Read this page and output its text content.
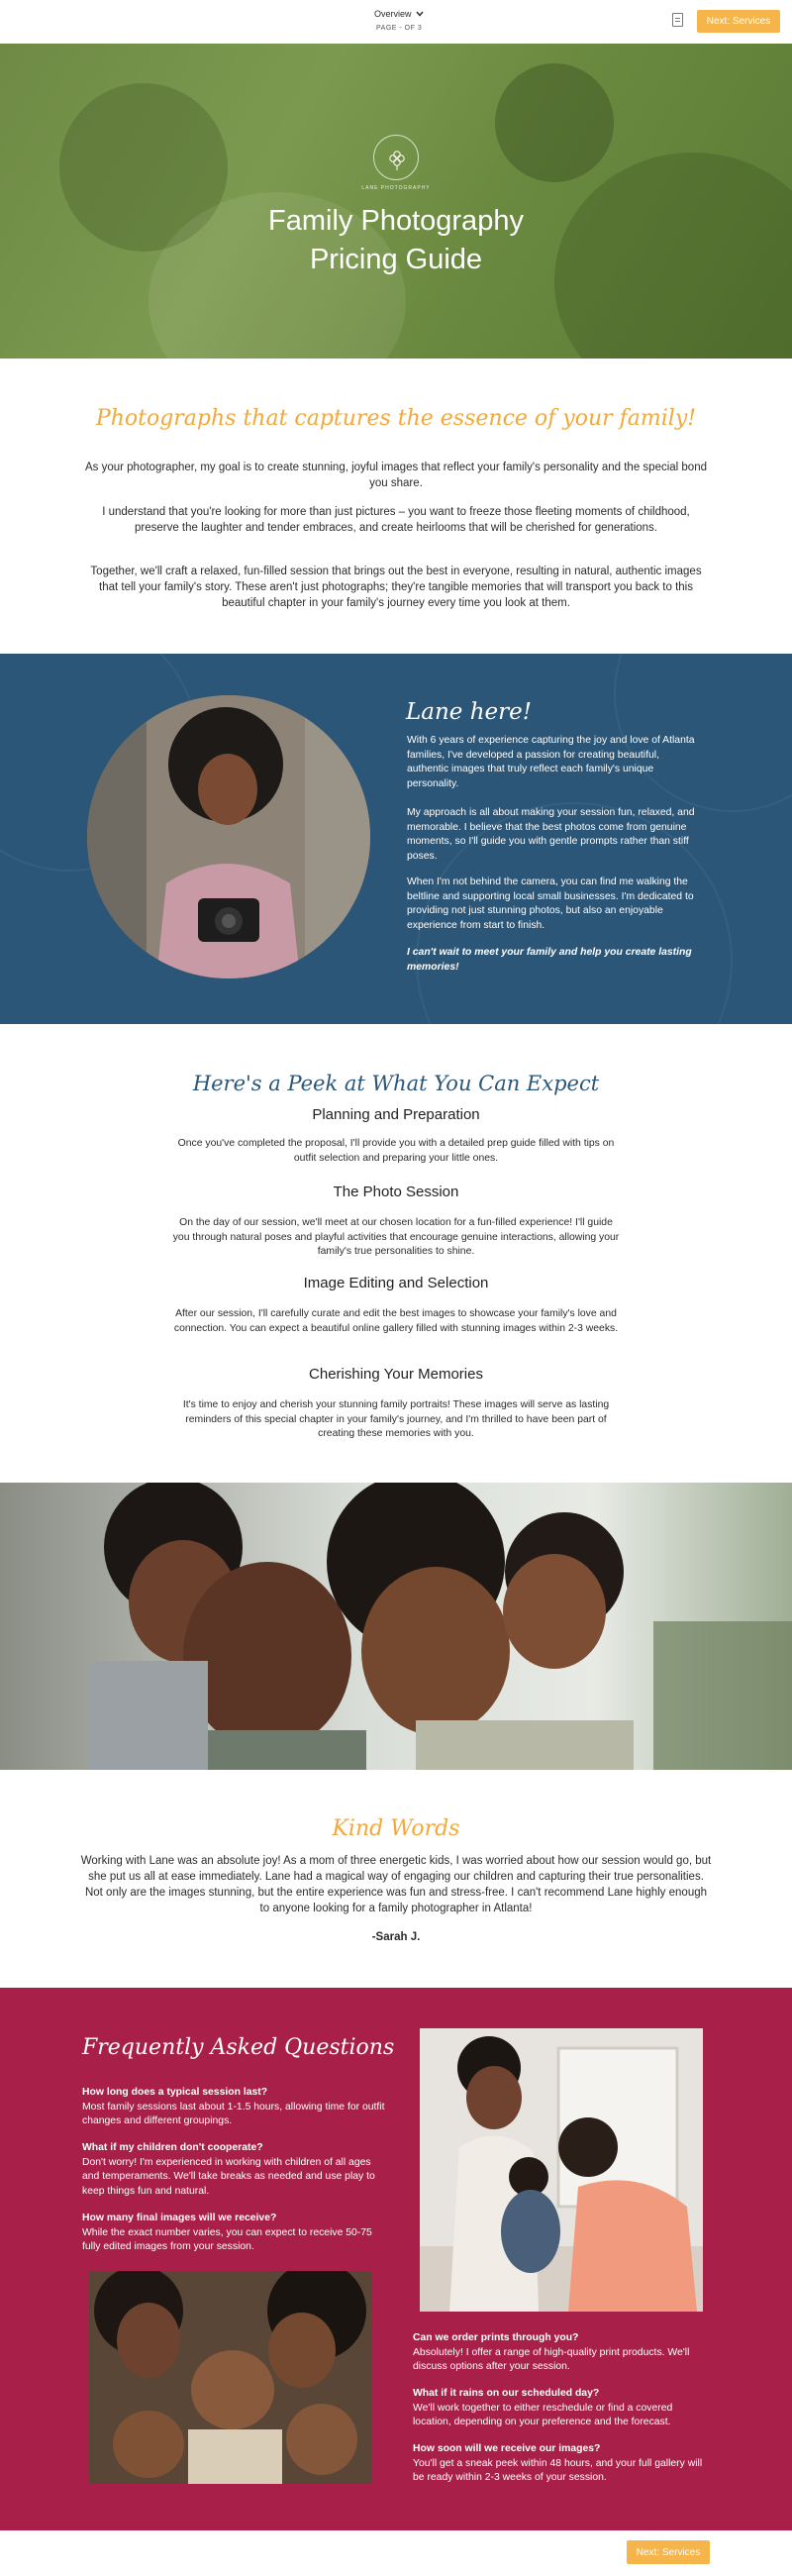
Overview
PAGE - OF 3
Next: Services
Family Photography
Pricing Guide
Photographs that captures the essence of your family!
As your photographer, my goal is to create stunning, joyful images that reflect your family's personality and the special bond you share.
I understand that you're looking for more than just pictures – you want to freeze those fleeting moments of childhood, preserve the laughter and tender embraces, and create heirlooms that will be cherished for generations.
Together, we'll craft a relaxed, fun-filled session that brings out the best in everyone, resulting in natural, authentic images that tell your family's story. These aren't just photographs; they're tangible memories that will transport you back to this beautiful chapter in your family's journey every time you look at them.
Lane here!
With 6 years of experience capturing the joy and love of Atlanta families, I've developed a passion for creating beautiful, authentic images that truly reflect each family's unique personality.
My approach is all about making your session fun, relaxed, and memorable. I believe that the best photos come from genuine moments, so I'll guide you with gentle prompts rather than stiff poses.
When I'm not behind the camera, you can find me walking the beltline and supporting local small businesses. I'm dedicated to providing not just stunning photos, but also an enjoyable experience from start to finish.
I can't wait to meet your family and help you create lasting memories!
Here's a Peek at What You Can Expect
Planning and Preparation
Once you've completed the proposal, I'll provide you with a detailed prep guide filled with tips on outfit selection and preparing your little ones.
The Photo Session
On the day of our session, we'll meet at our chosen location for a fun-filled experience! I'll guide you through natural poses and playful activities that encourage genuine interactions, allowing your family's true personalities to shine.
Image Editing and Selection
After our session, I'll carefully curate and edit the best images to showcase your family's love and connection. You can expect a beautiful online gallery filled with stunning images within 2-3 weeks.
Cherishing Your Memories
It's time to enjoy and cherish your stunning family portraits! These images will serve as lasting reminders of this special chapter in your family's journey, and I'm thrilled to have been part of creating these memories with you.
Kind Words
Working with Lane was an absolute joy! As a mom of three energetic kids, I was worried about how our session would go, but she put us all at ease immediately. Lane had a magical way of engaging our children and capturing their true personalities. Not only are the images stunning, but the entire experience was fun and stress-free. I can't recommend Lane highly enough to anyone looking for a family photographer in Atlanta!
-Sarah J.
Frequently Asked Questions
How long does a typical session last?
Most family sessions last about 1-1.5 hours, allowing time for outfit changes and different groupings.
What if my children don't cooperate?
Don't worry! I'm experienced in working with children of all ages and temperaments. We'll take breaks as needed and use play to keep things fun and natural.
How many final images will we receive?
While the exact number varies, you can expect to receive 50-75 fully edited images from your session.
Can we order prints through you?
Absolutely! I offer a range of high-quality print products. We'll discuss options after your session.
What if it rains on our scheduled day?
We'll work together to either reschedule or find a covered location, depending on your preference and the forecast.
How soon will we receive our images?
You'll get a sneak peek within 48 hours, and your full gallery will be ready within 2-3 weeks of your session.
Next: Services
LANE PHOTOGRAPHY
